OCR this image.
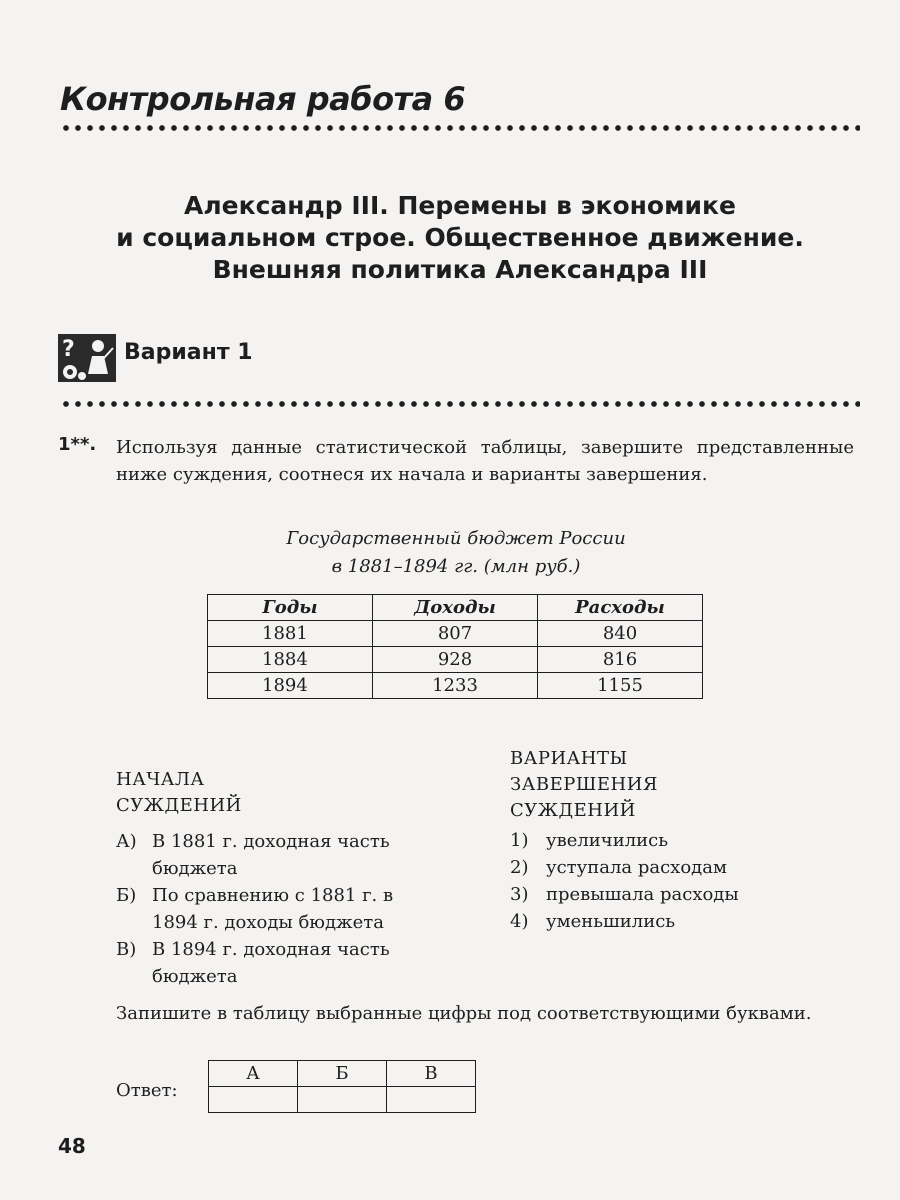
Контрольная работа 6
Александр III. Перемены в экономике
и социальном строе. Общественное движение.
Внешняя политика Александра III
? Вариант 1
1**. Используя данные статистической таблицы, завершите представленные ниже суждения, соотнеся их начала и варианты завершения.
Государственный бюджет России
в 1881–1894 гг. (млн руб.)
Годы	Доходы	Расходы
1881	807	840
1884	928	816
1894	1233	1155
НАЧАЛА
СУЖДЕНИЙ
ВАРИАНТЫ
ЗАВЕРШЕНИЯ
СУЖДЕНИЙ
А) В 1881 г. доходная часть
бюджета
Б) По сравнению с 1881 г. в
1894 г. доходы бюджета
В) В 1894 г. доходная часть
бюджета
1) увеличились
2) уступала расходам
3) превышала расходы
4) уменьшились
Запишите в таблицу выбранные цифры под соответствующими буквами.
Ответ:
А	Б	В

48
